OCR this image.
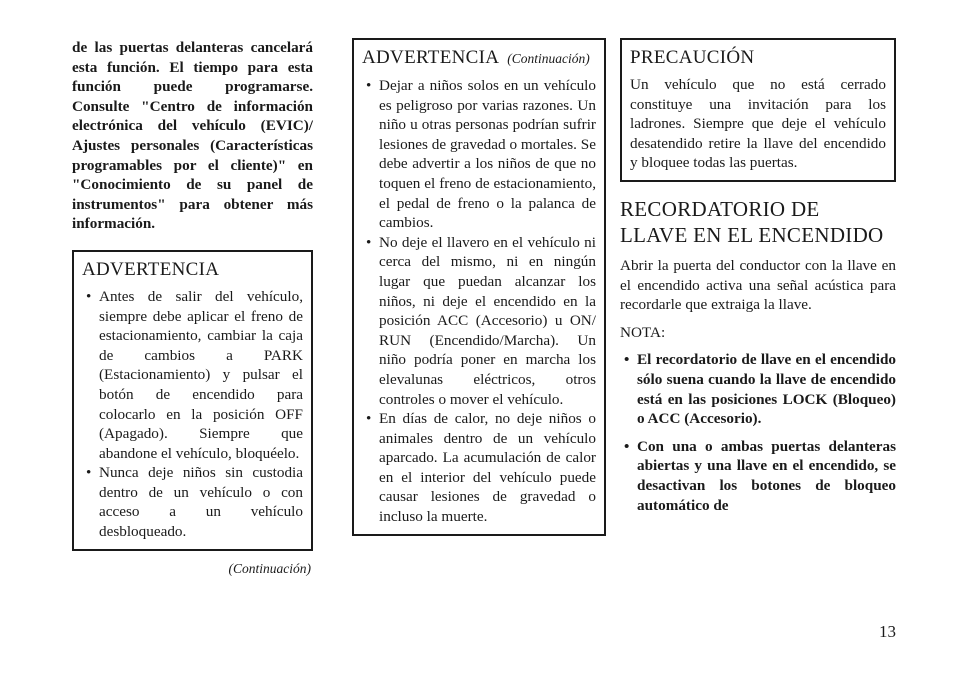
de las puertas delanteras cancelará esta función. El tiempo para esta función puede programarse. Consulte "Centro de información electrónica del vehículo (EVIC)/ Ajustes personales (Características programables por el cliente)" en "Conocimiento de su panel de instrumentos" para obtener más información.
ADVERTENCIA
• Antes de salir del vehículo, siempre debe aplicar el freno de estacionamiento, cambiar la caja de cambios a PARK (Estacionamiento) y pulsar el botón de encendido para colocarlo en la posición OFF (Apagado). Siempre que abandone el vehículo, bloquéelo.
• Nunca deje niños sin custodia dentro de un vehículo o con acceso a un vehículo desbloqueado.
(Continuación)
ADVERTENCIA (Continuación)
• Dejar a niños solos en un vehículo es peligroso por varias razones. Un niño u otras personas podrían sufrir lesiones de gravedad o mortales. Se debe advertir a los niños de que no toquen el freno de estacionamiento, el pedal de freno o la palanca de cambios.
• No deje el llavero en el vehículo ni cerca del mismo, ni en ningún lugar que puedan alcanzar los niños, ni deje el encendido en la posición ACC (Accesorio) u ON/ RUN (Encendido/Marcha). Un niño podría poner en marcha los elevalunas eléctricos, otros controles o mover el vehículo.
• En días de calor, no deje niños o animales dentro de un vehículo aparcado. La acumulación de calor en el interior del vehículo puede causar lesiones de gravedad o incluso la muerte.
PRECAUCIÓN
Un vehículo que no está cerrado constituye una invitación para los ladrones. Siempre que deje el vehículo desatendido retire la llave del encendido y bloquee todas las puertas.
RECORDATORIO DE
LLAVE EN EL ENCENDIDO
Abrir la puerta del conductor con la llave en el encendido activa una señal acústica para recordarle que extraiga la llave.
NOTA:
• El recordatorio de llave en el encendido sólo suena cuando la llave de encendido está en las posiciones LOCK (Bloqueo) o ACC (Accesorio).
• Con una o ambas puertas delanteras abiertas y una llave en el encendido, se desactivan los botones de bloqueo automático de
13
